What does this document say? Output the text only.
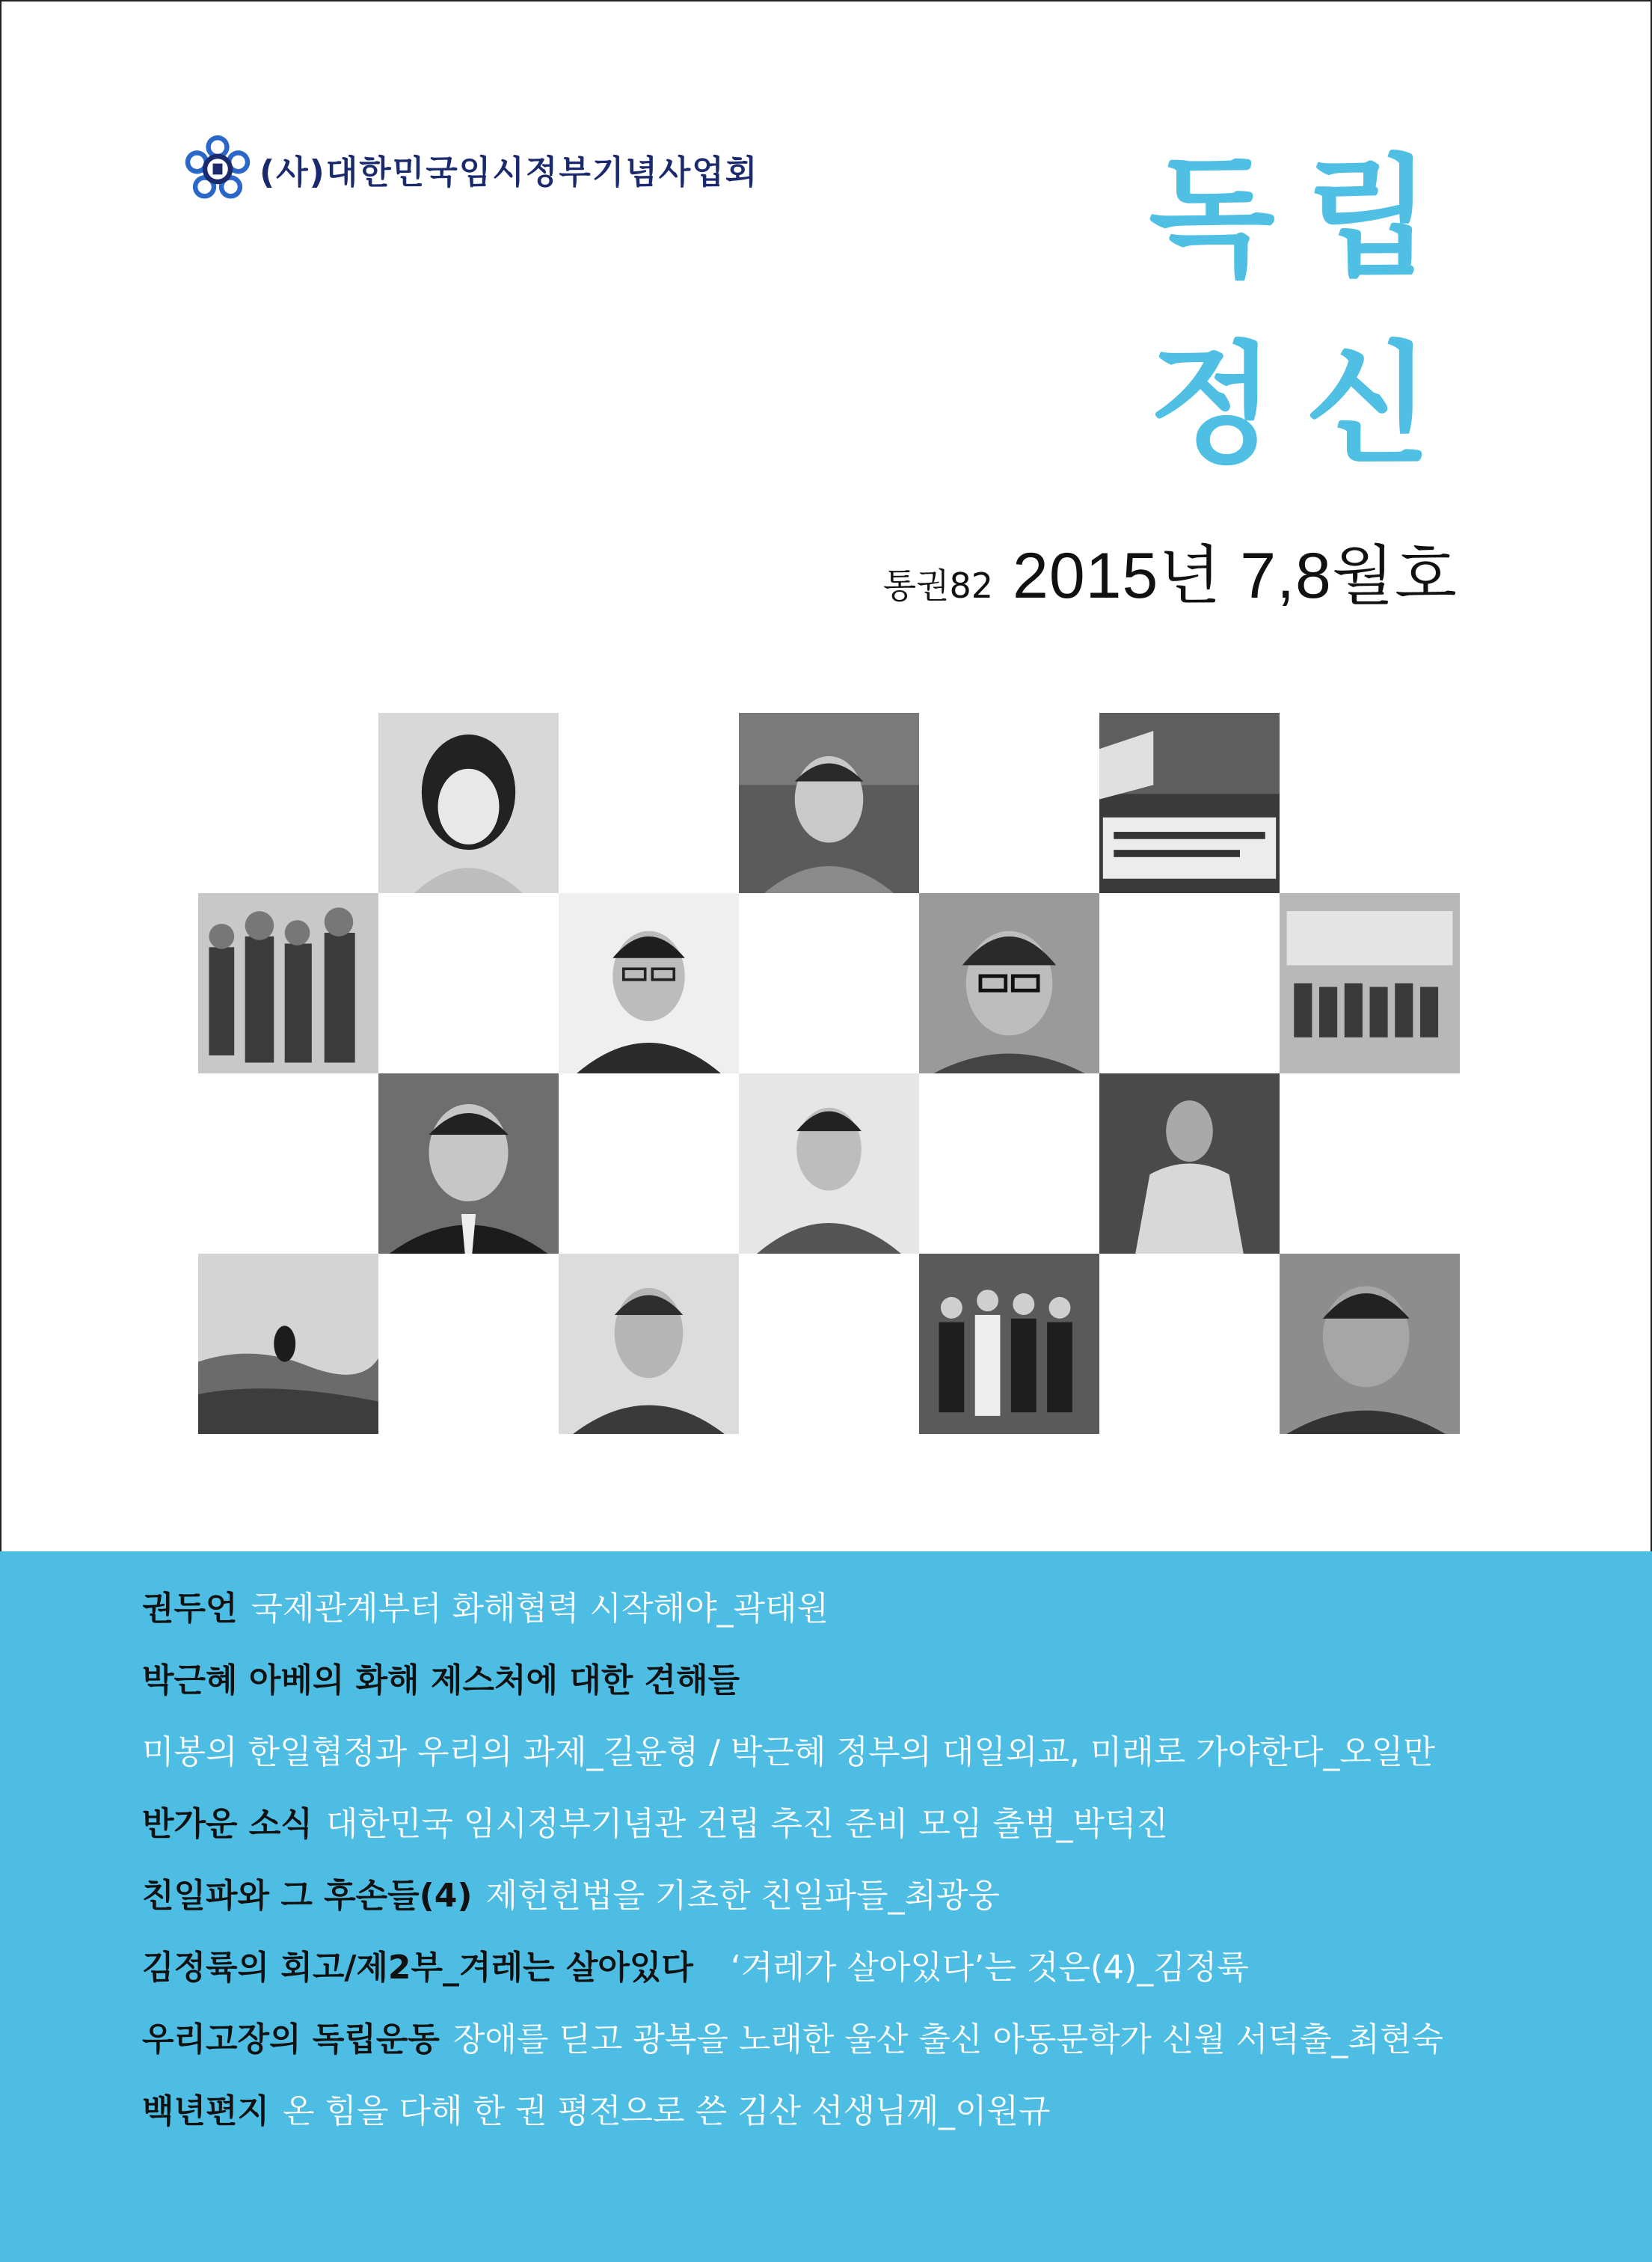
(사)대한민국임시정부기념사업회	독립
정신
통권82 2015년 7,8월호
권두언 국제관계부터 화해협력 시작해야_곽태원
박근혜 아베의 화해 제스처에 대한 견해들
미봉의 한일협정과 우리의 과제_길윤형 / 박근혜 정부의 대일외교, 미래로 가야한다_오일만
반가운 소식 대한민국 임시정부기념관 건립 추진 준비 모임 출범_박덕진
친일파와 그 후손들(4) 제헌헌법을 기초한 친일파들_최광웅
김정륙의 회고/제2부_겨레는 살아있다 ‘겨레가 살아있다’는 것은(4)_김정륙
우리고장의 독립운동 장애를 딛고 광복을 노래한 울산 출신 아동문학가 신월 서덕출_최현숙
백년편지 온 힘을 다해 한 권 평전으로 쓴 김산 선생님께_이원규
